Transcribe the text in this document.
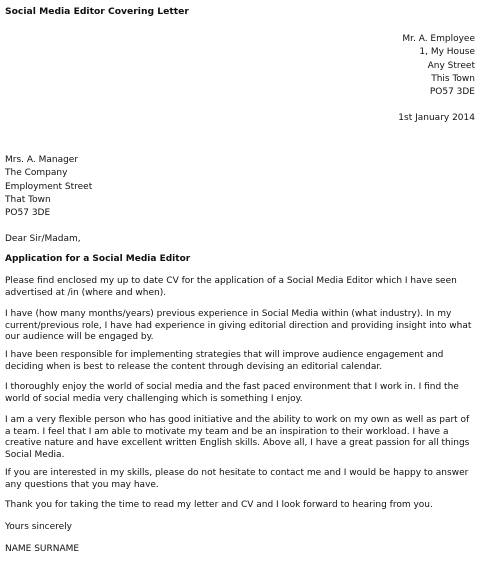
Social Media Editor Covering Letter
Mr. A. Employee
1, My House
Any Street
This Town
PO57 3DE
1st January 2014
Mrs. A. Manager
The Company
Employment Street
That Town
PO57 3DE
Dear Sir/Madam,
Application for a Social Media Editor

Please find enclosed my up to date CV for the application of a Social Media Editor which I have seen advertised at /in (where and when).

I have (how many months/years) previous experience in Social Media within (what industry). In my current/previous role, I have had experience in giving editorial direction and providing insight into what our audience will be engaged by.

I have been responsible for implementing strategies that will improve audience engagement and deciding when is best to release the content through devising an editorial calendar.

I thoroughly enjoy the world of social media and the fast paced environment that I work in. I find the world of social media very challenging which is something I enjoy.

I am a very flexible person who has good initiative and the ability to work on my own as well as part of a team. I feel that I am able to motivate my team and be an inspiration to their workload. I have a creative nature and have excellent written English skills. Above all, I have a great passion for all things Social Media.

If you are interested in my skills, please do not hesitate to contact me and I would be happy to answer any questions that you may have.

Thank you for taking the time to read my letter and CV and I look forward to hearing from you.

Yours sincerely
NAME SURNAME
